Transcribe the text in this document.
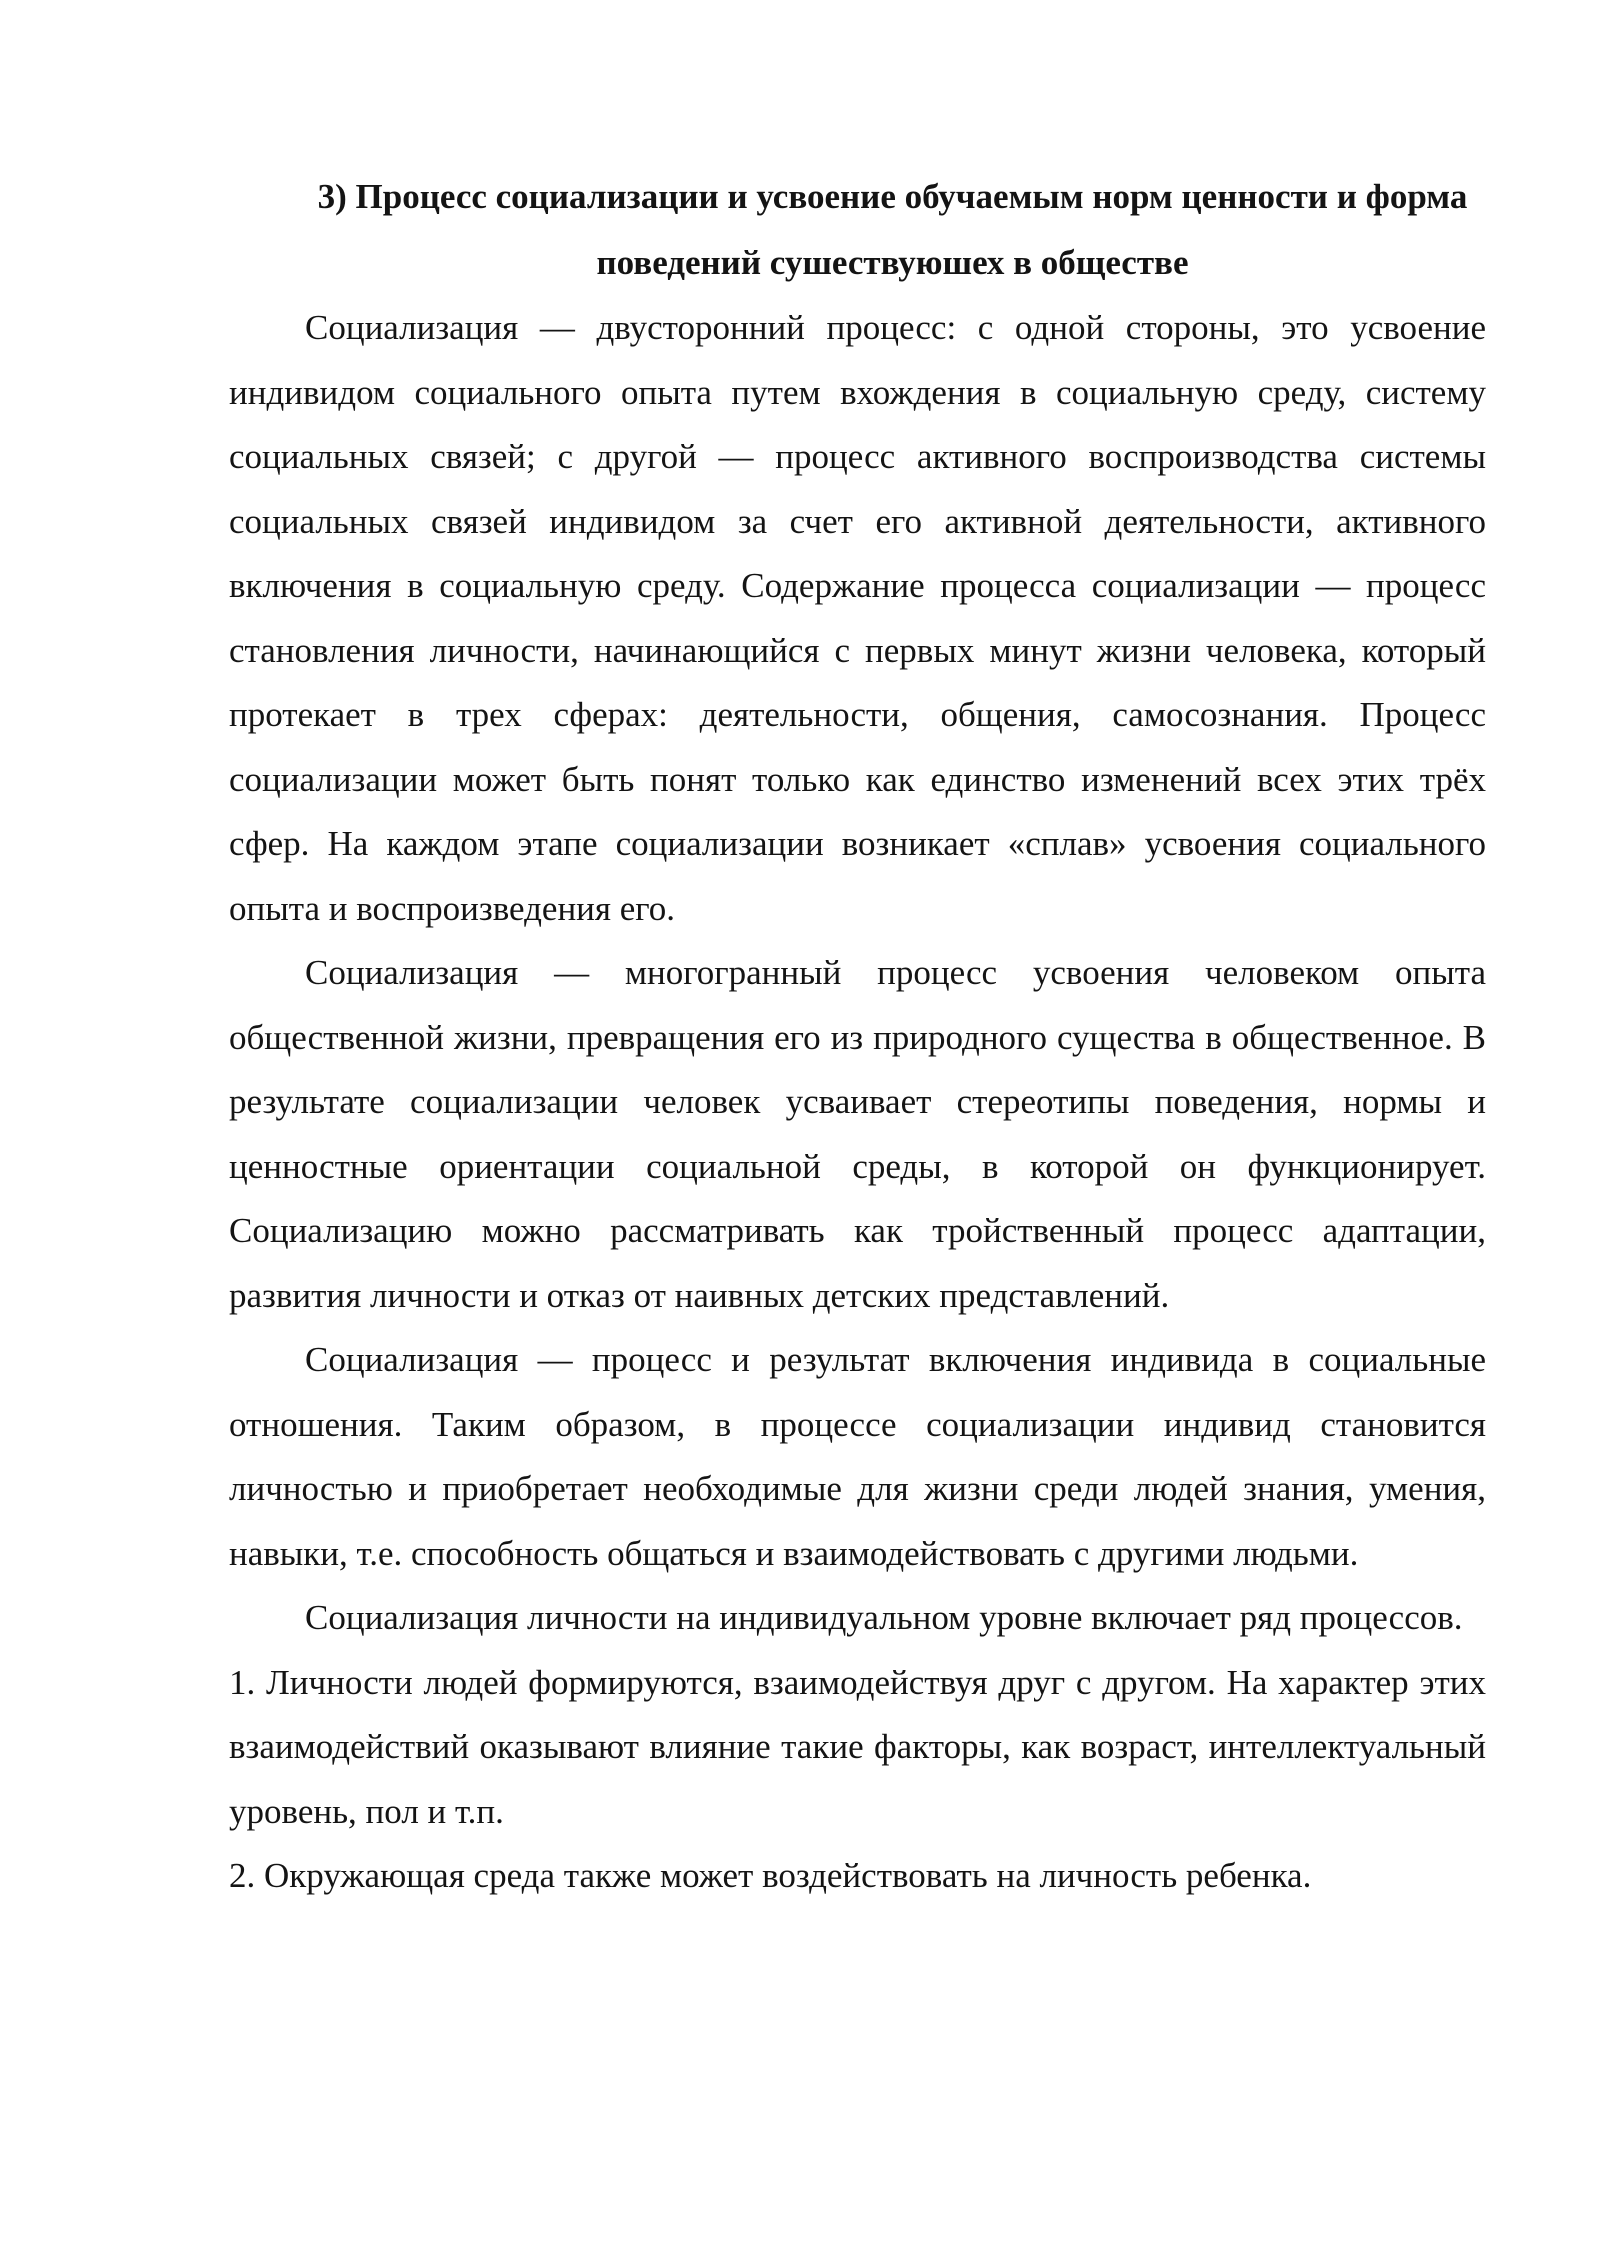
3) Процесс социализации и усвоение обучаемым норм ценности и форма поведений сушествуюшех в обществе

Социализация — двусторонний процесс: с одной стороны, это усвоение индивидом социального опыта путем вхождения в социальную среду, систему социальных связей; с другой — процесс активного воспроизводства системы социальных связей индивидом за счет его активной деятельности, активного включения в социальную среду. Содержание процесса социализации — процесс становления личности, начинающийся с первых минут жизни человека, который протекает в трех сферах: деятельности, общения, самосознания. Процесс социализации может быть понят только как единство изменений всех этих трёх сфер. На каждом этапе социализации возникает «сплав» усвоения социального опыта и воспроизведения его.

Социализация — многогранный процесс усвоения человеком опыта общественной жизни, превращения его из природного существа в общественное. В результате социализации человек усваивает стереотипы поведения, нормы и ценностные ориентации социальной среды, в которой он функционирует. Социализацию можно рассматривать как тройственный процесс адаптации, развития личности и отказ от наивных детских представлений.

Социализация — процесс и результат включения индивида в социальные отношения. Таким образом, в процессе социализации индивид становится личностью и приобретает необходимые для жизни среди людей знания, умения, навыки, т.е. способность общаться и взаимодействовать с другими людьми.

Социализация личности на индивидуальном уровне включает ряд процессов.

1. Личности людей формируются, взаимодействуя друг с другом. На характер этих взаимодействий оказывают влияние такие факторы, как возраст, интеллектуальный уровень, пол и т.п.

2. Окружающая среда также может воздействовать на личность ребенка.
